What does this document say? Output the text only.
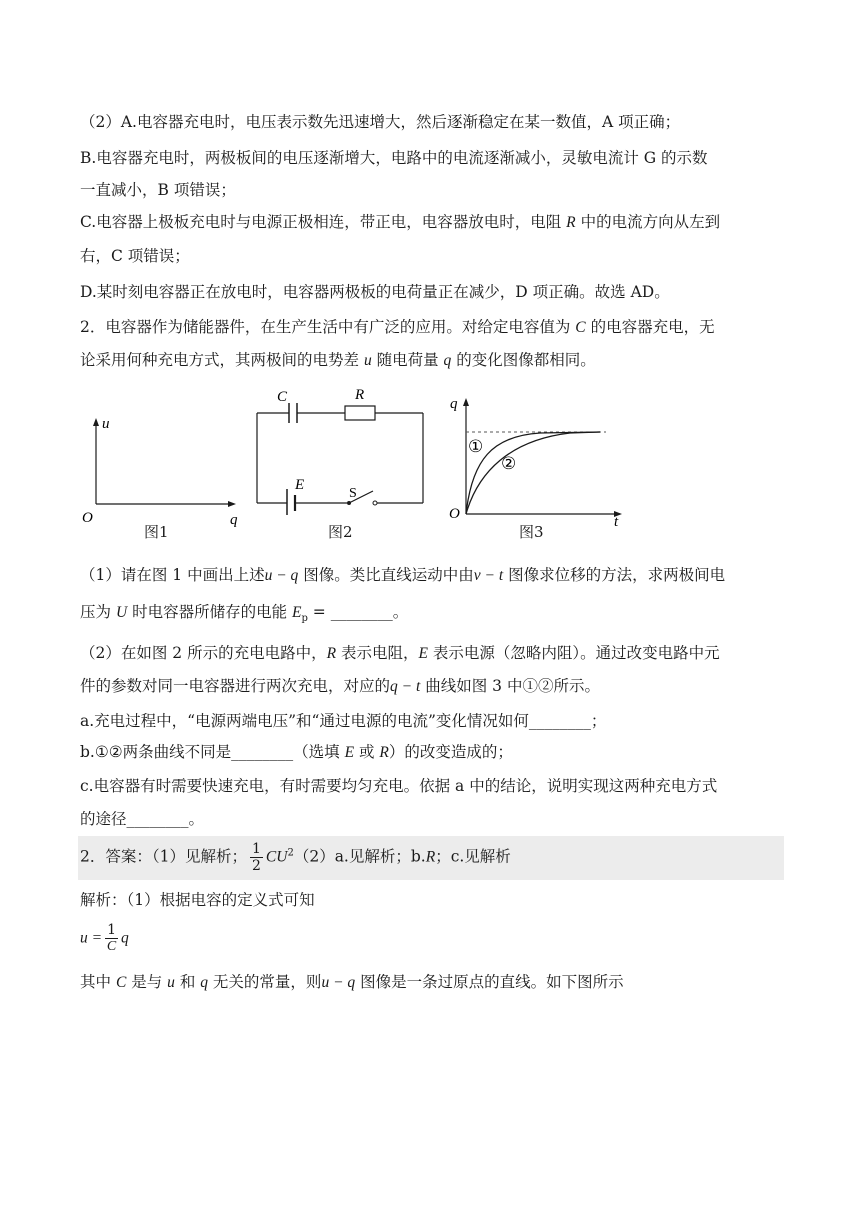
（2）A.电容器充电时，电压表示数先迅速增大，然后逐渐稳定在某一数值，A 项正确；
B.电容器充电时，两极板间的电压逐渐增大，电路中的电流逐渐减小，灵敏电流计 G 的示数
一直减小，B 项错误；
C.电容器上极板充电时与电源正极相连，带正电，电容器放电时，电阻 R 中的电流方向从左到
右，C 项错误；
D.某时刻电容器正在放电时，电容器两极板的电荷量正在减少，D 项正确。故选 AD。
2．电容器作为储能器件，在生产生活中有广泛的应用。对给定电容值为 C 的电容器充电，无
论采用何种充电方式，其两极间的电势差 u 随电荷量 q 的变化图像都相同。
u
O	q
图1
C	R
E
S
图2
q
O	t
①
②
图3
（1）请在图 1 中画出上述u − q 图像。类比直线运动中由v − t 图像求位移的方法，求两极间电
压为 U 时电容器所储存的电能 $E_p$ = ________。
（2）在如图 2 所示的充电电路中，R 表示电阻，E 表示电源（忽略内阻）。通过改变电路中元
件的参数对同一电容器进行两次充电，对应的q − t 曲线如图 3 中①②所示。
a.充电过程中，“电源两端电压”和“通过电源的电流”变化情况如何________；
b.①②两条曲线不同是________（选填 E 或 R）的改变造成的；
c.电容器有时需要快速充电，有时需要均匀充电。依据 a 中的结论，说明实现这两种充电方式
的途径________。
2．答案：（1）见解析； $\frac{1}{2} CU^2(2)a$.见解析；b.R；c.见解析
解析：（1）根据电容的定义式可知
$u = \frac{1}{C}$ q
其中 C 是与 u 和 q 无关的常量，则u − q 图像是一条过原点的直线。如下图所示
